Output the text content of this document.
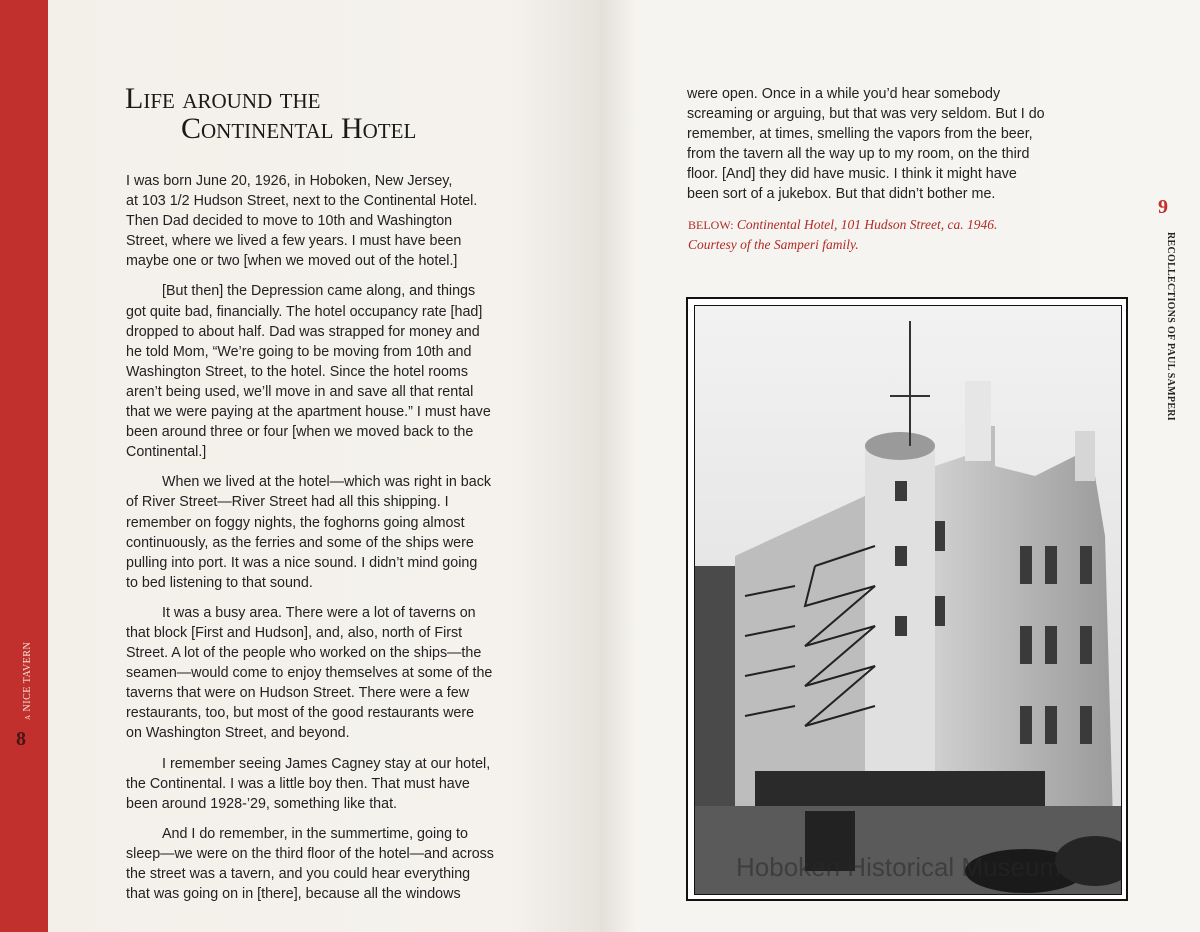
a NICE TAVERN
8
Life around the
Continental Hotel
I was born June 20, 1926, in Hoboken, New Jersey,
at 103 1/2 Hudson Street, next to the Continental Hotel.
Then Dad decided to move to 10th and Washington
Street, where we lived a few years. I must have been
maybe one or two [when we moved out of the hotel.]
[But then] the Depression came along, and things
got quite bad, financially. The hotel occupancy rate [had]
dropped to about half. Dad was strapped for money and
he told Mom, “We’re going to be moving from 10th and
Washington Street, to the hotel. Since the hotel rooms
aren’t being used, we’ll move in and save all that rental
that we were paying at the apartment house.” I must have
been around three or four [when we moved back to the
Continental.]
When we lived at the hotel—which was right in back
of River Street—River Street had all this shipping. I
remember on foggy nights, the foghorns going almost
continuously, as the ferries and some of the ships were
pulling into port. It was a nice sound. I didn’t mind going
to bed listening to that sound.
It was a busy area. There were a lot of taverns on
that block [First and Hudson], and, also, north of First
Street. A lot of the people who worked on the ships—the
seamen—would come to enjoy themselves at some of the
taverns that were on Hudson Street. There were a few
restaurants, too, but most of the good restaurants were
on Washington Street, and beyond.
I remember seeing James Cagney stay at our hotel,
the Continental. I was a little boy then. That must have
been around 1928-’29, something like that.
And I do remember, in the summertime, going to
sleep—we were on the third floor of the hotel—and across
the street was a tavern, and you could hear everything
that was going on in [there], because all the windows
9
RECOLLECTIONS OF PAUL SAMPERI
were open. Once in a while you’d hear somebody
screaming or arguing, but that was very seldom. But I do
remember, at times, smelling the vapors from the beer,
from the tavern all the way up to my room, on the third
floor. [And] they did have music. I think it might have
been sort of a jukebox. But that didn’t bother me.
BELOW: Continental Hotel, 101 Hudson Street, ca. 1946.
Courtesy of the Samperi family.
Hoboken Historical Museum
